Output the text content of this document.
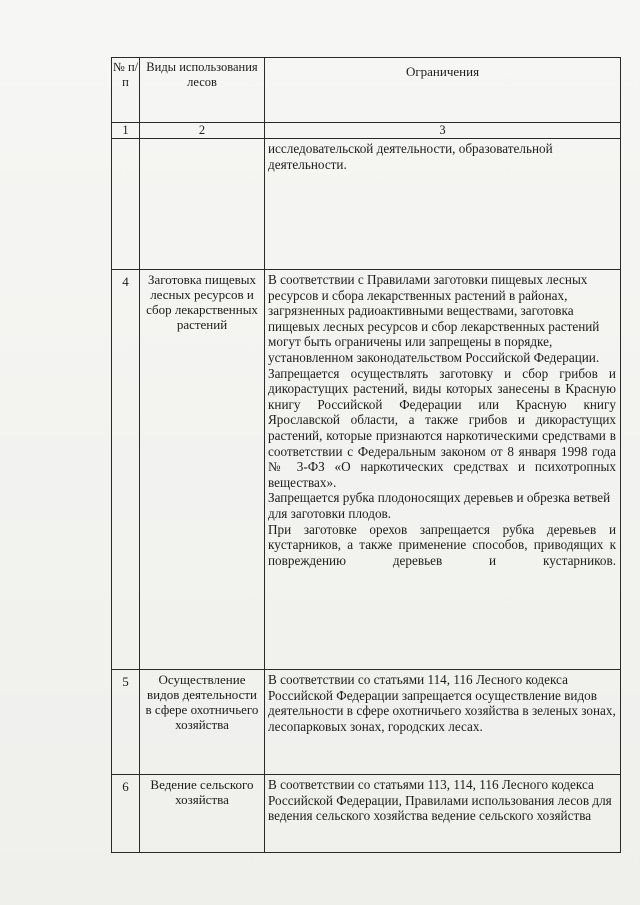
№ п/п	Виды использования лесов	Ограничения
1	2	3

		исследовательской деятельности, образовательной деятельности.

4	Заготовка пищевых лесных ресурсов и сбор лекарственных растений	В соответствии с Правилами заготовки пищевых лесных ресурсов и сбора лекарственных растений в районах, загрязненных радиоактивными веществами, заготовка пищевых лесных ресурсов и сбор лекарственных растений могут быть ограничены или запрещены в порядке, установленном законодательством Российской Федерации.

Запрещается осуществлять заготовку и сбор грибов и дикорастущих растений, виды которых занесены в Красную книгу Российской Федерации или Красную книгу Ярославской области, а также грибов и дикорастущих растений, которые признаются наркотическими средствами в соответствии с Федеральным законом от 8 января 1998 года № 3-ФЗ «О наркотических средствах и психотропных веществах».

Запрещается рубка плодоносящих деревьев и обрезка ветвей для заготовки плодов.

При заготовке орехов запрещается рубка деревьев и кустарников, а также применение способов, приводящих к повреждению деревьев и кустарников.

5	Осуществление видов деятельности в сфере охотничьего хозяйства	В соответствии со статьями 114, 116 Лесного кодекса Российской Федерации запрещается осуществление видов деятельности в сфере охотничьего хозяйства в зеленых зонах, лесопарковых зонах, городских лесах.

6	Ведение сельского хозяйства	В соответствии со статьями 113, 114, 116 Лесного кодекса Российской Федерации, Правилами использования лесов для ведения сельского хозяйства ведение сельского хозяйства
